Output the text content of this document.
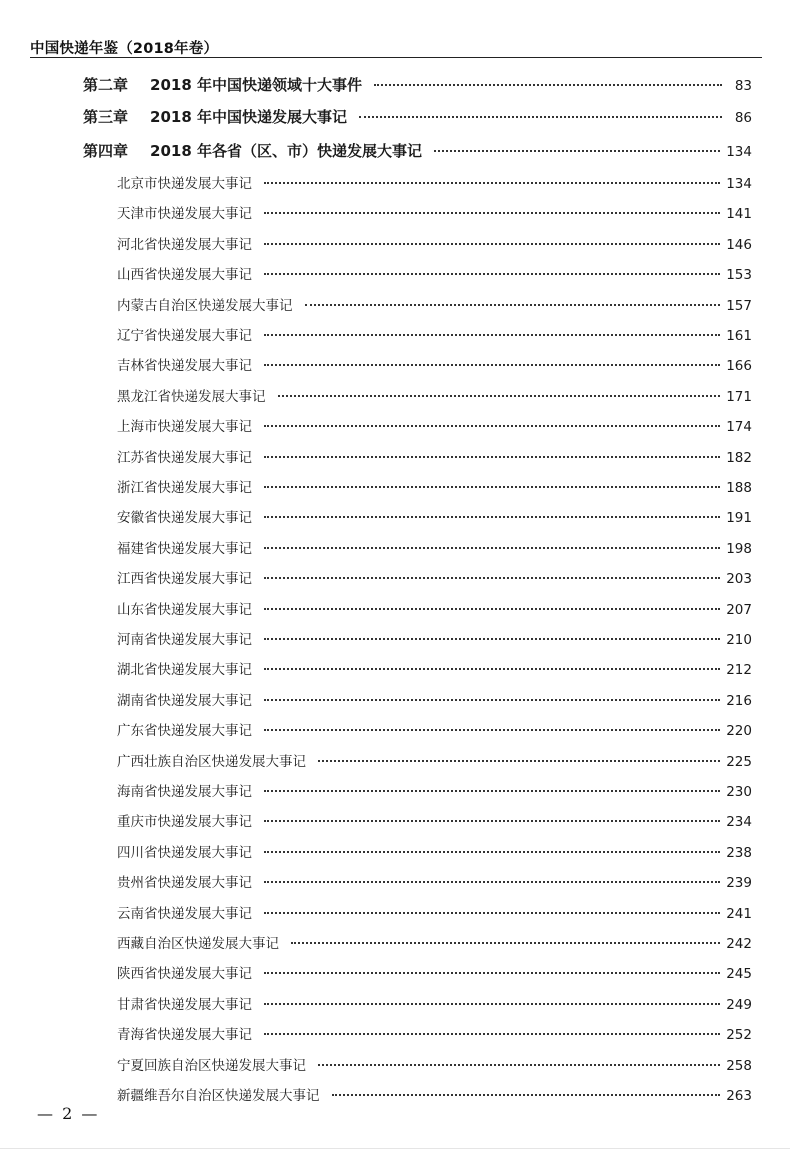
中国快递年鉴（2018年卷）
第二章 2018 年中国快递领域十大事件	83
第三章 2018 年中国快递发展大事记	86
第四章 2018 年各省（区、市）快递发展大事记	134
北京市快递发展大事记	134
天津市快递发展大事记	141
河北省快递发展大事记	146
山西省快递发展大事记	153
内蒙古自治区快递发展大事记	157
辽宁省快递发展大事记	161
吉林省快递发展大事记	166
黑龙江省快递发展大事记	171
上海市快递发展大事记	174
江苏省快递发展大事记	182
浙江省快递发展大事记	188
安徽省快递发展大事记	191
福建省快递发展大事记	198
江西省快递发展大事记	203
山东省快递发展大事记	207
河南省快递发展大事记	210
湖北省快递发展大事记	212
湖南省快递发展大事记	216
广东省快递发展大事记	220
广西壮族自治区快递发展大事记	225
海南省快递发展大事记	230
重庆市快递发展大事记	234
四川省快递发展大事记	238
贵州省快递发展大事记	239
云南省快递发展大事记	241
西藏自治区快递发展大事记	242
陕西省快递发展大事记	245
甘肃省快递发展大事记	249
青海省快递发展大事记	252
宁夏回族自治区快递发展大事记	258
新疆维吾尔自治区快递发展大事记	263
— 2 —
